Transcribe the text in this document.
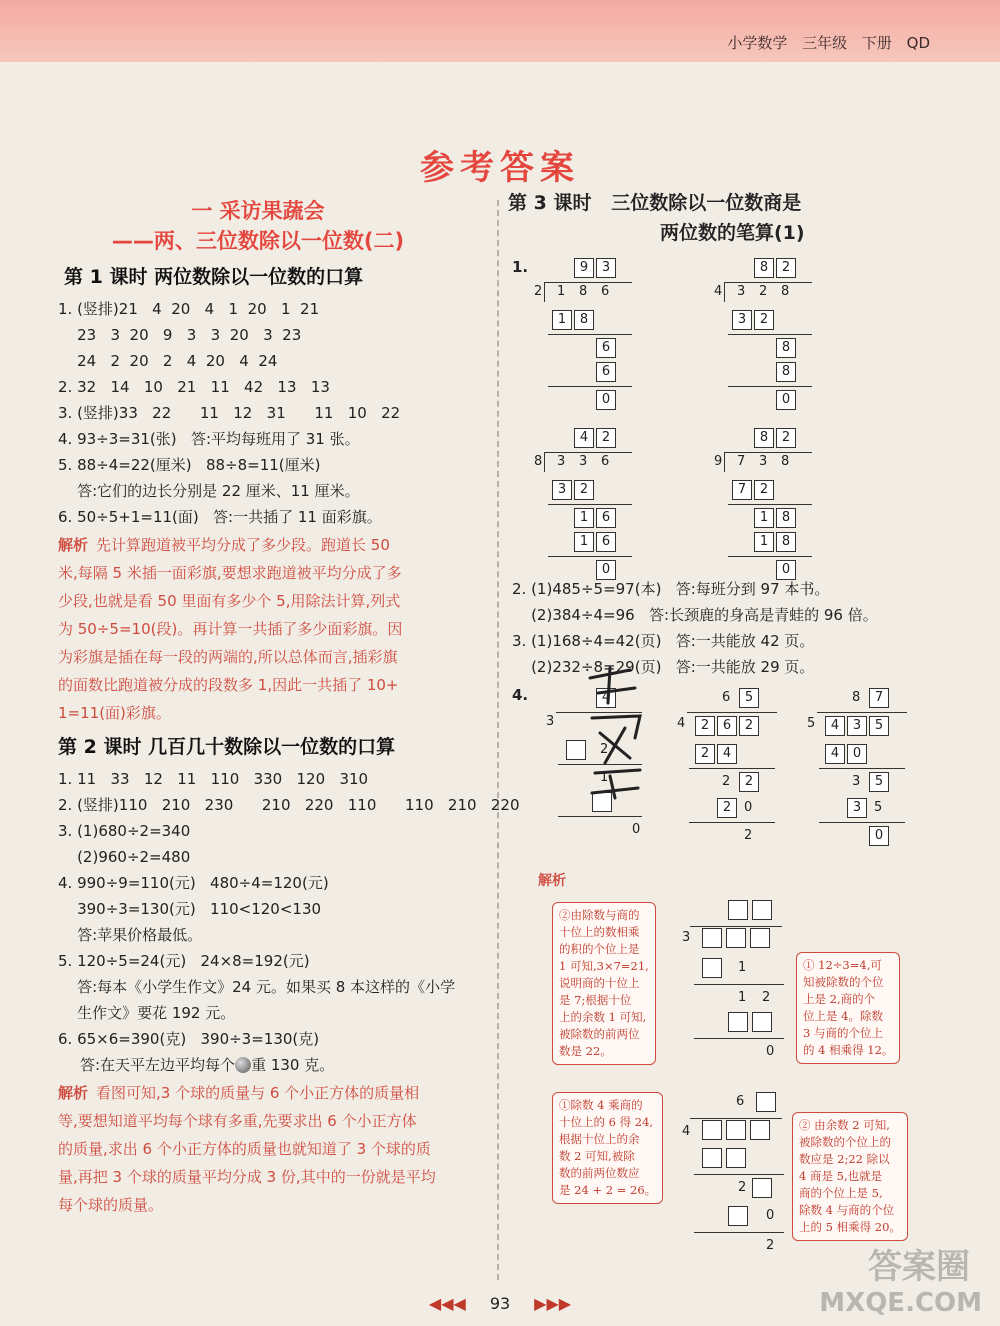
小学数学 三年级 下册 QD
参考答案
一 采访果蔬会
——两、三位数除以一位数(二)
第 1 课时 两位数除以一位数的口算
1. (竖排)21   4  20   4   1  20   1  21
23   3  20   9   3   3  20   3  23
24   2  20   2   4  20   4  24
2. 32   14   10   21   11   42   13   13
3. (竖排)33   22      11   12   31      11   10   22
4. 93÷3=31(张)   答:平均每班用了 31 张。
5. 88÷4=22(厘米)   88÷8=11(厘米)
答:它们的边长分别是 22 厘米、11 厘米。
6. 50÷5+1=11(面)   答:一共插了 11 面彩旗。
解析 先计算跑道被平均分成了多少段。跑道长 50
米,每隔 5 米插一面彩旗,要想求跑道被平均分成了多
少段,也就是看 50 里面有多少个 5,用除法计算,列式
为 50÷5=10(段)。再计算一共插了多少面彩旗。因
为彩旗是插在每一段的两端的,所以总体而言,插彩旗
的面数比跑道被分成的段数多 1,因此一共插了 10+
1=11(面)彩旗。
第 2 课时 几百几十数除以一位数的口算
1. 11   33   12   11   110   330   120   310
2. (竖排)110   210   230      210   220   110      110   210   220
3. (1)680÷2=340
(2)960÷2=480
4. 990÷9=110(元)   480÷4=120(元)
390÷3=130(元)   110<120<130
答:苹果价格最低。
5. 120÷5=24(元)   24×8=192(元)
答:每本《小学生作文》24 元。如果买 8 本这样的《小学
生作文》要花 192 元。
6. 65×6=390(克)   390÷3=130(克)
答:在天平左边平均每个 重 130 克。
解析 看图可知,3 个球的质量与 6 个小正方体的质量相
等,要想知道平均每个球有多重,先要求出 6 个小正方体
的质量,求出 6 个小正方体的质量也就知道了 3 个球的质
量,再把 3 个球的质量平均分成 3 份,其中的一份就是平均
每个球的质量。
第 3 课时   三位数除以一位数商是
两位数的笔算(1)
1.	9	3
2 1 8 6
1	8
6
6
0
8	2
4 3 2 8
3	2
8
8
0
4	2
8 3 3 6
3	2
1	6
1	6
0
8	2
9 7 3 8
7	2
1	8
1	8
0
2. (1)485÷5=97(本)   答:每班分到 97 本书。
(2)384÷4=96   答:长颈鹿的身高是青蛙的 96 倍。
3. (1)168÷4=42(页)   答:一共能放 42 页。
(2)232÷8=29(页)   答:一共能放 29 页。
4.	4
3
2
1
0
6	5
4	2	6	2
2	4
2	2
2 0
2
8	7
5	4	3	5
4	0
3	5
3 5
0
解析
②由除数与商的
十位上的数相乘
的积的个位上是
1 可知,3×7=21,
说明商的十位上
是 7;根据十位
上的余数 1 可知,
被除数的前两位
数是 22。
① 12÷3=4,可
知被除数的个位
上是 2,商的个
位上是 4。除数
3 与商的个位上
的 4 相乘得 12。
①除数 4 乘商的
十位上的 6 得 24,
根据十位上的余
数 2 可知,被除
数的前两位数应
是 24 + 2 = 26。
② 由余数 2 可知,
被除数的个位上的
数应是 2;22 除以
4 商是 5,也就是
商的个位上是 5,
除数 4 与商的个位
上的 5 相乘得 20。
3
1
1 2
0
6
4
2
0
2
◀◀◀ 93 ▶▶▶
答案圈
MXQE.COM
